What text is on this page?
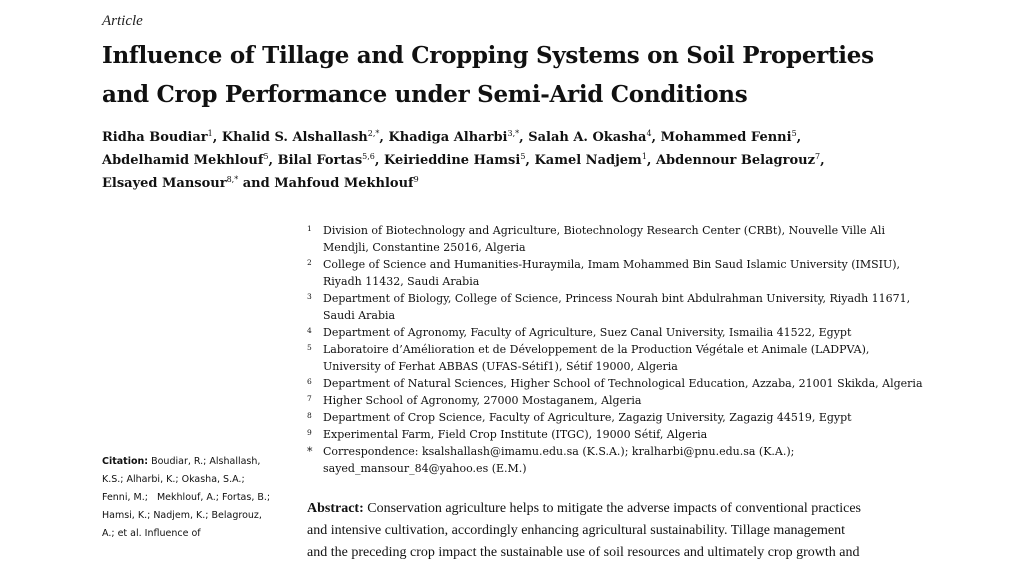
Article
Influence of Tillage and Cropping Systems on Soil Properties
and Crop Performance under Semi-Arid Conditions
Ridha Boudiar$^1$, Khalid S. Alshallash$^{2,*}$, Khadiga Alharbi$^{3,*}$, Salah A. Okasha$^4$, Mohammed Fenni$^5$,
Abdelhamid Mekhlouf$^5$, Bilal Fortas$^{5,6}$, Keirieddine Hamsi$^5$, Kamel Nadjem$^1$, Abdennour Belagrouz$^7$,
Elsayed Mansour$^{8,*}$ and Mahfoud Mekhlouf$^9$
1 Division of Biotechnology and Agriculture, Biotechnology Research Center (CRBt), Nouvelle Ville Ali
Mendjli, Constantine 25016, Algeria
2 College of Science and Humanities-Huraymila, Imam Mohammed Bin Saud Islamic University (IMSIU),
Riyadh 11432, Saudi Arabia
3 Department of Biology, College of Science, Princess Nourah bint Abdulrahman University, Riyadh 11671,
Saudi Arabia
4 Department of Agronomy, Faculty of Agriculture, Suez Canal University, Ismailia 41522, Egypt
5 Laboratoire d’Amélioration et de Développement de la Production Végétale et Animale (LADPVA),
University of Ferhat ABBAS (UFAS-Sétif1), Sétif 19000, Algeria
6 Department of Natural Sciences, Higher School of Technological Education, Azzaba, 21001 Skikda, Algeria
7 Higher School of Agronomy, 27000 Mostaganem, Algeria
8 Department of Crop Science, Faculty of Agriculture, Zagazig University, Zagazig 44519, Egypt
9 Experimental Farm, Field Crop Institute (ITGC), 19000 Sétif, Algeria
* Correspondence: ksalshallash@imamu.edu.sa (K.S.A.); kralharbi@pnu.edu.sa (K.A.);
sayed_mansour_84@yahoo.es (E.M.)
Citation: Boudiar, R.; Alshallash,
K.S.; Alharbi, K.; Okasha, S.A.;
Fenni, M.;   Mekhlouf, A.; Fortas, B.;
Hamsi, K.; Nadjem, K.; Belagrouz,
A.; et al. Influence of
Abstract: Conservation agriculture helps to mitigate the adverse impacts of conventional practices
and intensive cultivation, accordingly enhancing agricultural sustainability. Tillage management
and the preceding crop impact the sustainable use of soil resources and ultimately crop growth and
